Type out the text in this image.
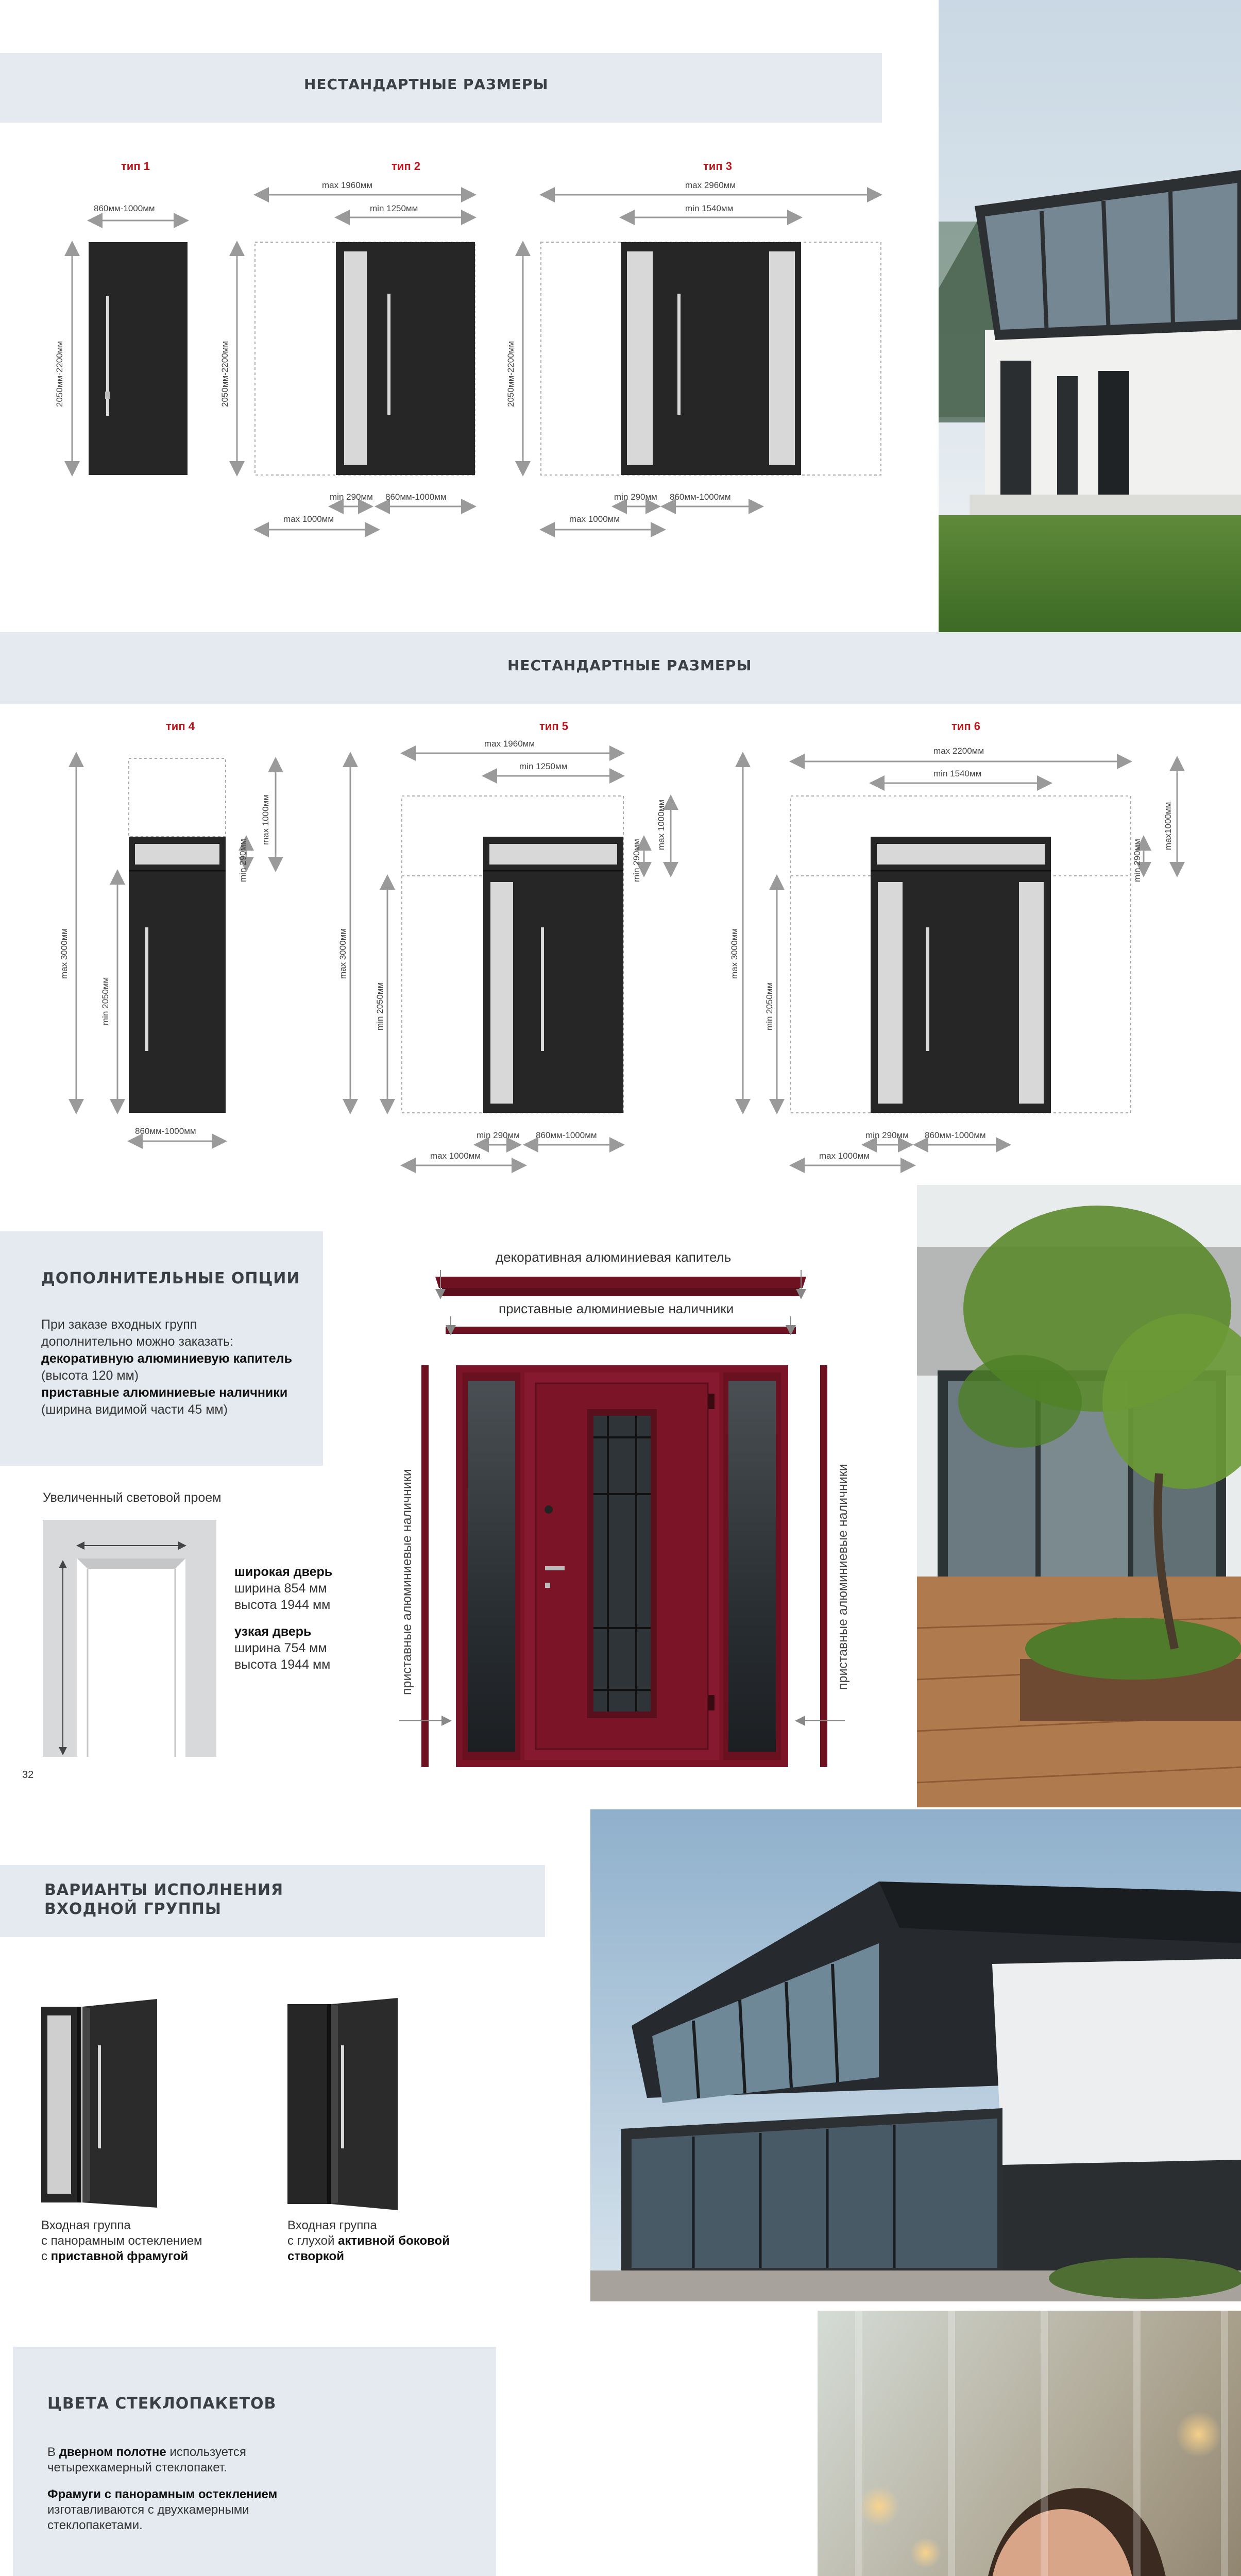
НЕСТАНДАРТНЫЕ РАЗМЕРЫ
тип 1	тип 2	тип 3
860мм-1000мм
2050мм-2200мм
max 1960мм
min 1250мм
2050мм-2200мм
min 290мм 860мм-1000мм
max 1000мм
max 2960мм
min 1540мм
2050мм-2200мм
min 290мм 860мм-1000мм
max 1000мм
НЕСТАНДАРТНЫЕ РАЗМЕРЫ
тип 4	тип 5	тип 6
max 3000мм
min 2050мм
min 290мм
max 1000мм
860мм-1000мм
max 1960мм
min 1250мм
max 3000мм
min 2050мм
min 290мм
max 1000мм
min 290мм 860мм-1000мм
max 1000мм
max 2200мм
min 1540мм
max 3000мм
min 2050мм
min 290мм
max1000мм
min 290мм 860мм-1000мм
max 1000мм
ДОПОЛНИТЕЛЬНЫЕ ОПЦИИ
При заказе входных групп
дополнительно можно заказать:
декоративную алюминиевую капитель
(высота 120 мм)
приставные алюминиевые наличники
(ширина видимой части 45 мм)
декоративная алюминиевая капитель
приставные алюминиевые наличники
приставные алюминиевые наличники	приставные алюминиевые наличники
Увеличенный световой проем
широкая дверь
ширина 854 мм
высота 1944 мм
узкая дверь
ширина 754 мм
высота 1944 мм
32
ВАРИАНТЫ ИСПОЛНЕНИЯ
ВХОДНОЙ ГРУППЫ
Входная группа
с панорамным остеклением
с приставной фрамугой
Входная группа
с глухой активной боковой
створкой
ЦВЕТА СТЕКЛОПАКЕТОВ
В дверном полотне используется
четырехкамерный стеклопакет.
Фрамуги с панорамным остеклением
изготавливаются с двухкамерными
стеклопакетами.
